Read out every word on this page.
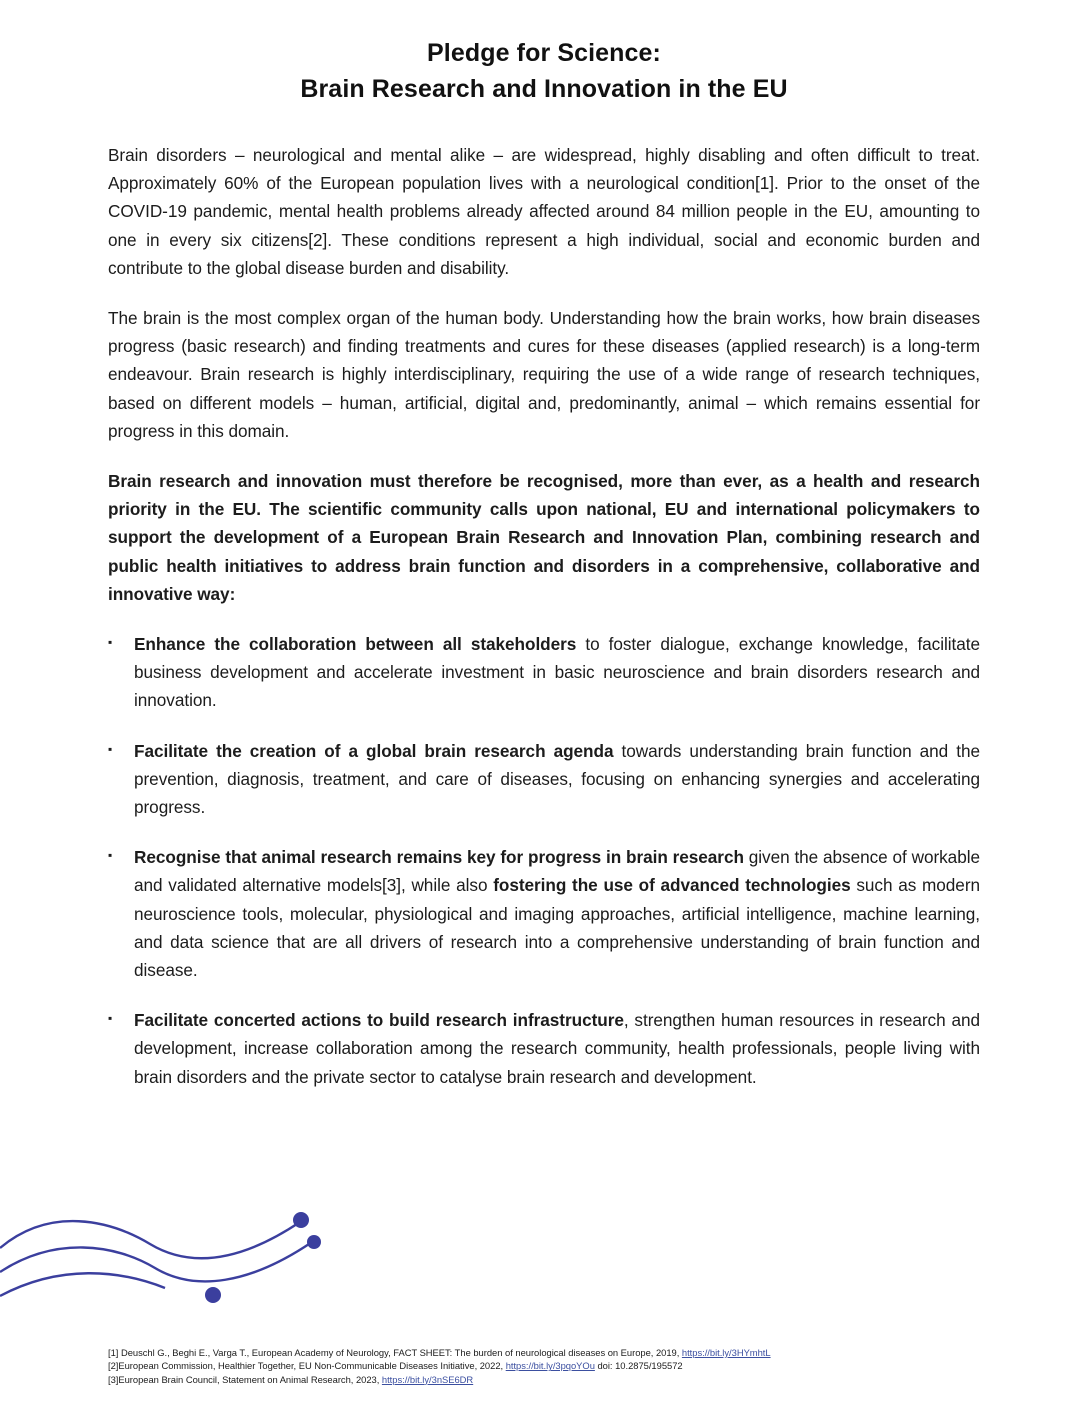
Pledge for Science:
Brain Research and Innovation in the EU

Brain disorders – neurological and mental alike – are widespread, highly disabling and often difficult to treat. Approximately 60% of the European population lives with a neurological condition[1]. Prior to the onset of the COVID-19 pandemic, mental health problems already affected around 84 million people in the EU, amounting to one in every six citizens[2]. These conditions represent a high individual, social and economic burden and contribute to the global disease burden and disability.

The brain is the most complex organ of the human body. Understanding how the brain works, how brain diseases progress (basic research) and finding treatments and cures for these diseases (applied research) is a long-term endeavour. Brain research is highly interdisciplinary, requiring the use of a wide range of research techniques, based on different models – human, artificial, digital and, predominantly, animal – which remains essential for progress in this domain.

Brain research and innovation must therefore be recognised, more than ever, as a health and research priority in the EU. The scientific community calls upon national, EU and international policymakers to support the development of a European Brain Research and Innovation Plan, combining research and public health initiatives to address brain function and disorders in a comprehensive, collaborative and innovative way:

▪ Enhance the collaboration between all stakeholders to foster dialogue, exchange knowledge, facilitate business development and accelerate investment in basic neuroscience and brain disorders research and innovation.
▪ Facilitate the creation of a global brain research agenda towards understanding brain function and the prevention, diagnosis, treatment, and care of diseases, focusing on enhancing synergies and accelerating progress.
▪ Recognise that animal research remains key for progress in brain research given the absence of workable and validated alternative models[3], while also fostering the use of advanced technologies such as modern neuroscience tools, molecular, physiological and imaging approaches, artificial intelligence, machine learning, and data science that are all drivers of research into a comprehensive understanding of brain function and disease.
▪ Facilitate concerted actions to build research infrastructure, strengthen human resources in research and development, increase collaboration among the research community, health professionals, people living with brain disorders and the private sector to catalyse brain research and development.
[1] Deuschl G., Beghi E., Varga T., European Academy of Neurology, FACT SHEET: The burden of neurological diseases on Europe, 2019, https://bit.ly/3HYmhtL
[2]European Commission, Healthier Together, EU Non-Communicable Diseases Initiative, 2022, https://bit.ly/3pqoYOu doi: 10.2875/195572
[3]European Brain Council, Statement on Animal Research, 2023, https://bit.ly/3nSE6DR
